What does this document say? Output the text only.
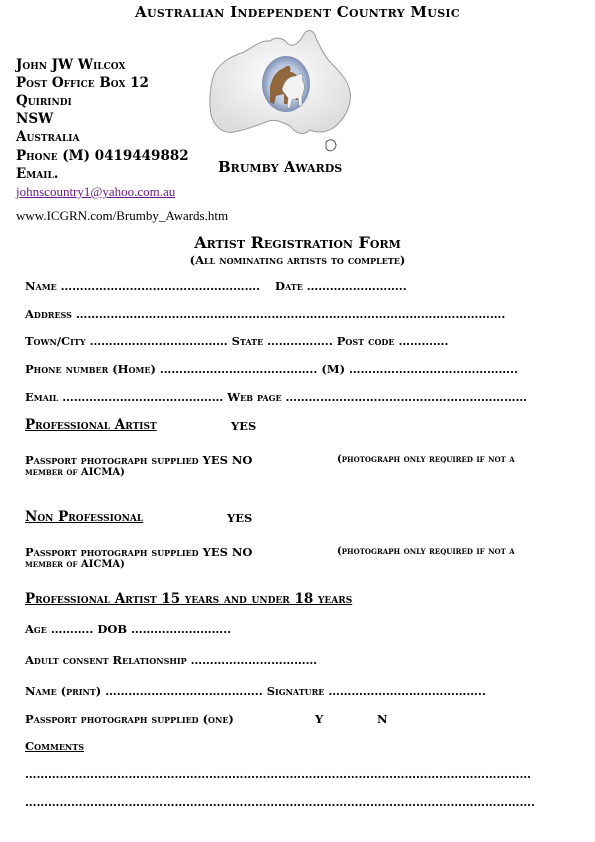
Australian Independent Country Music
John JW Wilcox
Post Office Box 12
Quirindi
NSW
Australia
Phone (M) 0419449882
Email.
johnscountry1@yahoo.com.au
www.ICGRN.com/Brumby_Awards.htm
Brumby Awards
Artist Registration Form
(All nominating artists to complete)
Name ……………………………………………. Date ……………………..
Address ………………………………………………………………………………………………….
Town/City ……………………………… State …………….. Post code ………….
Phone number (Home) ………………………………….. (M) ……………………………………..
Email …………………………………… Web page ………………………………………………………
Professional Artist	YES
Passport photograph supplied YES NO	(photograph only required if not a
member of AICMA)
Non Professional	YES
Passport photograph supplied YES NO	(photograph only required if not a
member of AICMA)
Professional Artist 15 years and under 18 years
Age ……….. DOB ……………………..
Adult consent Relationship ……………………………
Name (print) ………………………………….. Signature …………………………………..
Passport photograph supplied (one)	Y	N
Comments
……………………………………………………………………………………………………………………
…………………………………………………………………………………………………………………….
